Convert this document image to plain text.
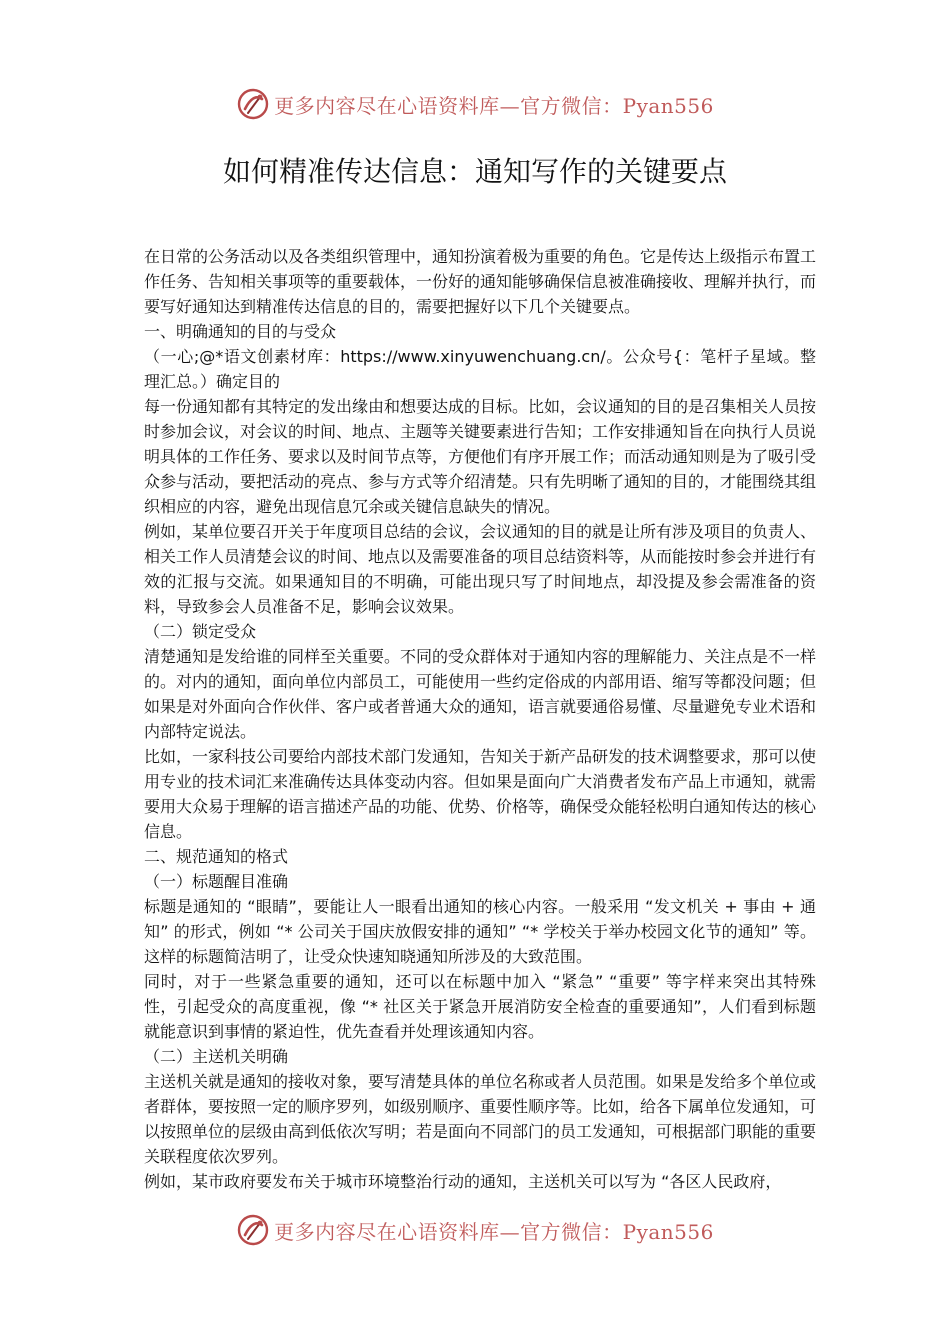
更多内容尽在心语资料库—官方微信：Pyan556
如何精准传达信息：通知写作的关键要点

在日常的公务活动以及各类组织管理中，通知扮演着极为重要的角色。它是传达上级指示布置工作任务、告知相关事项等的重要载体，一份好的通知能够确保信息被准确接收、理解并执行，而要写好通知达到精准传达信息的目的，需要把握好以下几个关键要点。

一、明确通知的目的与受众

（一心;@*语文创素材库：https://www.xinyuwenchuang.cn/。公众号{：笔杆子星域。整理汇总。）确定目的

每一份通知都有其特定的发出缘由和想要达成的目标。比如，会议通知的目的是召集相关人员按时参加会议，对会议的时间、地点、主题等关键要素进行告知；工作安排通知旨在向执行人员说明具体的工作任务、要求以及时间节点等，方便他们有序开展工作；而活动通知则是为了吸引受众参与活动，要把活动的亮点、参与方式等介绍清楚。只有先明晰了通知的目的，才能围绕其组织相应的内容，避免出现信息冗余或关键信息缺失的情况。

例如，某单位要召开关于年度项目总结的会议，会议通知的目的就是让所有涉及项目的负责人、相关工作人员清楚会议的时间、地点以及需要准备的项目总结资料等，从而能按时参会并进行有效的汇报与交流。如果通知目的不明确，可能出现只写了时间地点，却没提及参会需准备的资料，导致参会人员准备不足，影响会议效果。

（二）锁定受众

清楚通知是发给谁的同样至关重要。不同的受众群体对于通知内容的理解能力、关注点是不一样的。对内的通知，面向单位内部员工，可能使用一些约定俗成的内部用语、缩写等都没问题；但如果是对外面向合作伙伴、客户或者普通大众的通知，语言就要通俗易懂、尽量避免专业术语和内部特定说法。

比如，一家科技公司要给内部技术部门发通知，告知关于新产品研发的技术调整要求，那可以使用专业的技术词汇来准确传达具体变动内容。但如果是面向广大消费者发布产品上市通知，就需要用大众易于理解的语言描述产品的功能、优势、价格等，确保受众能轻松明白通知传达的核心信息。

二、规范通知的格式

（一）标题醒目准确

标题是通知的 “眼睛”，要能让人一眼看出通知的核心内容。一般采用 “发文机关 + 事由 + 通知” 的形式，例如 “* 公司关于国庆放假安排的通知” “* 学校关于举办校园文化节的通知” 等。这样的标题简洁明了，让受众快速知晓通知所涉及的大致范围。

同时，对于一些紧急重要的通知，还可以在标题中加入 “紧急” “重要” 等字样来突出其特殊性，引起受众的高度重视，像 “* 社区关于紧急开展消防安全检查的重要通知”，人们看到标题就能意识到事情的紧迫性，优先查看并处理该通知内容。

（二）主送机关明确

主送机关就是通知的接收对象，要写清楚具体的单位名称或者人员范围。如果是发给多个单位或者群体，要按照一定的顺序罗列，如级别顺序、重要性顺序等。比如，给各下属单位发通知，可以按照单位的层级由高到低依次写明；若是面向不同部门的员工发通知，可根据部门职能的重要关联程度依次罗列。

例如，某市政府要发布关于城市环境整治行动的通知，主送机关可以写为 “各区人民政府，

更多内容尽在心语资料库—官方微信：Pyan556
